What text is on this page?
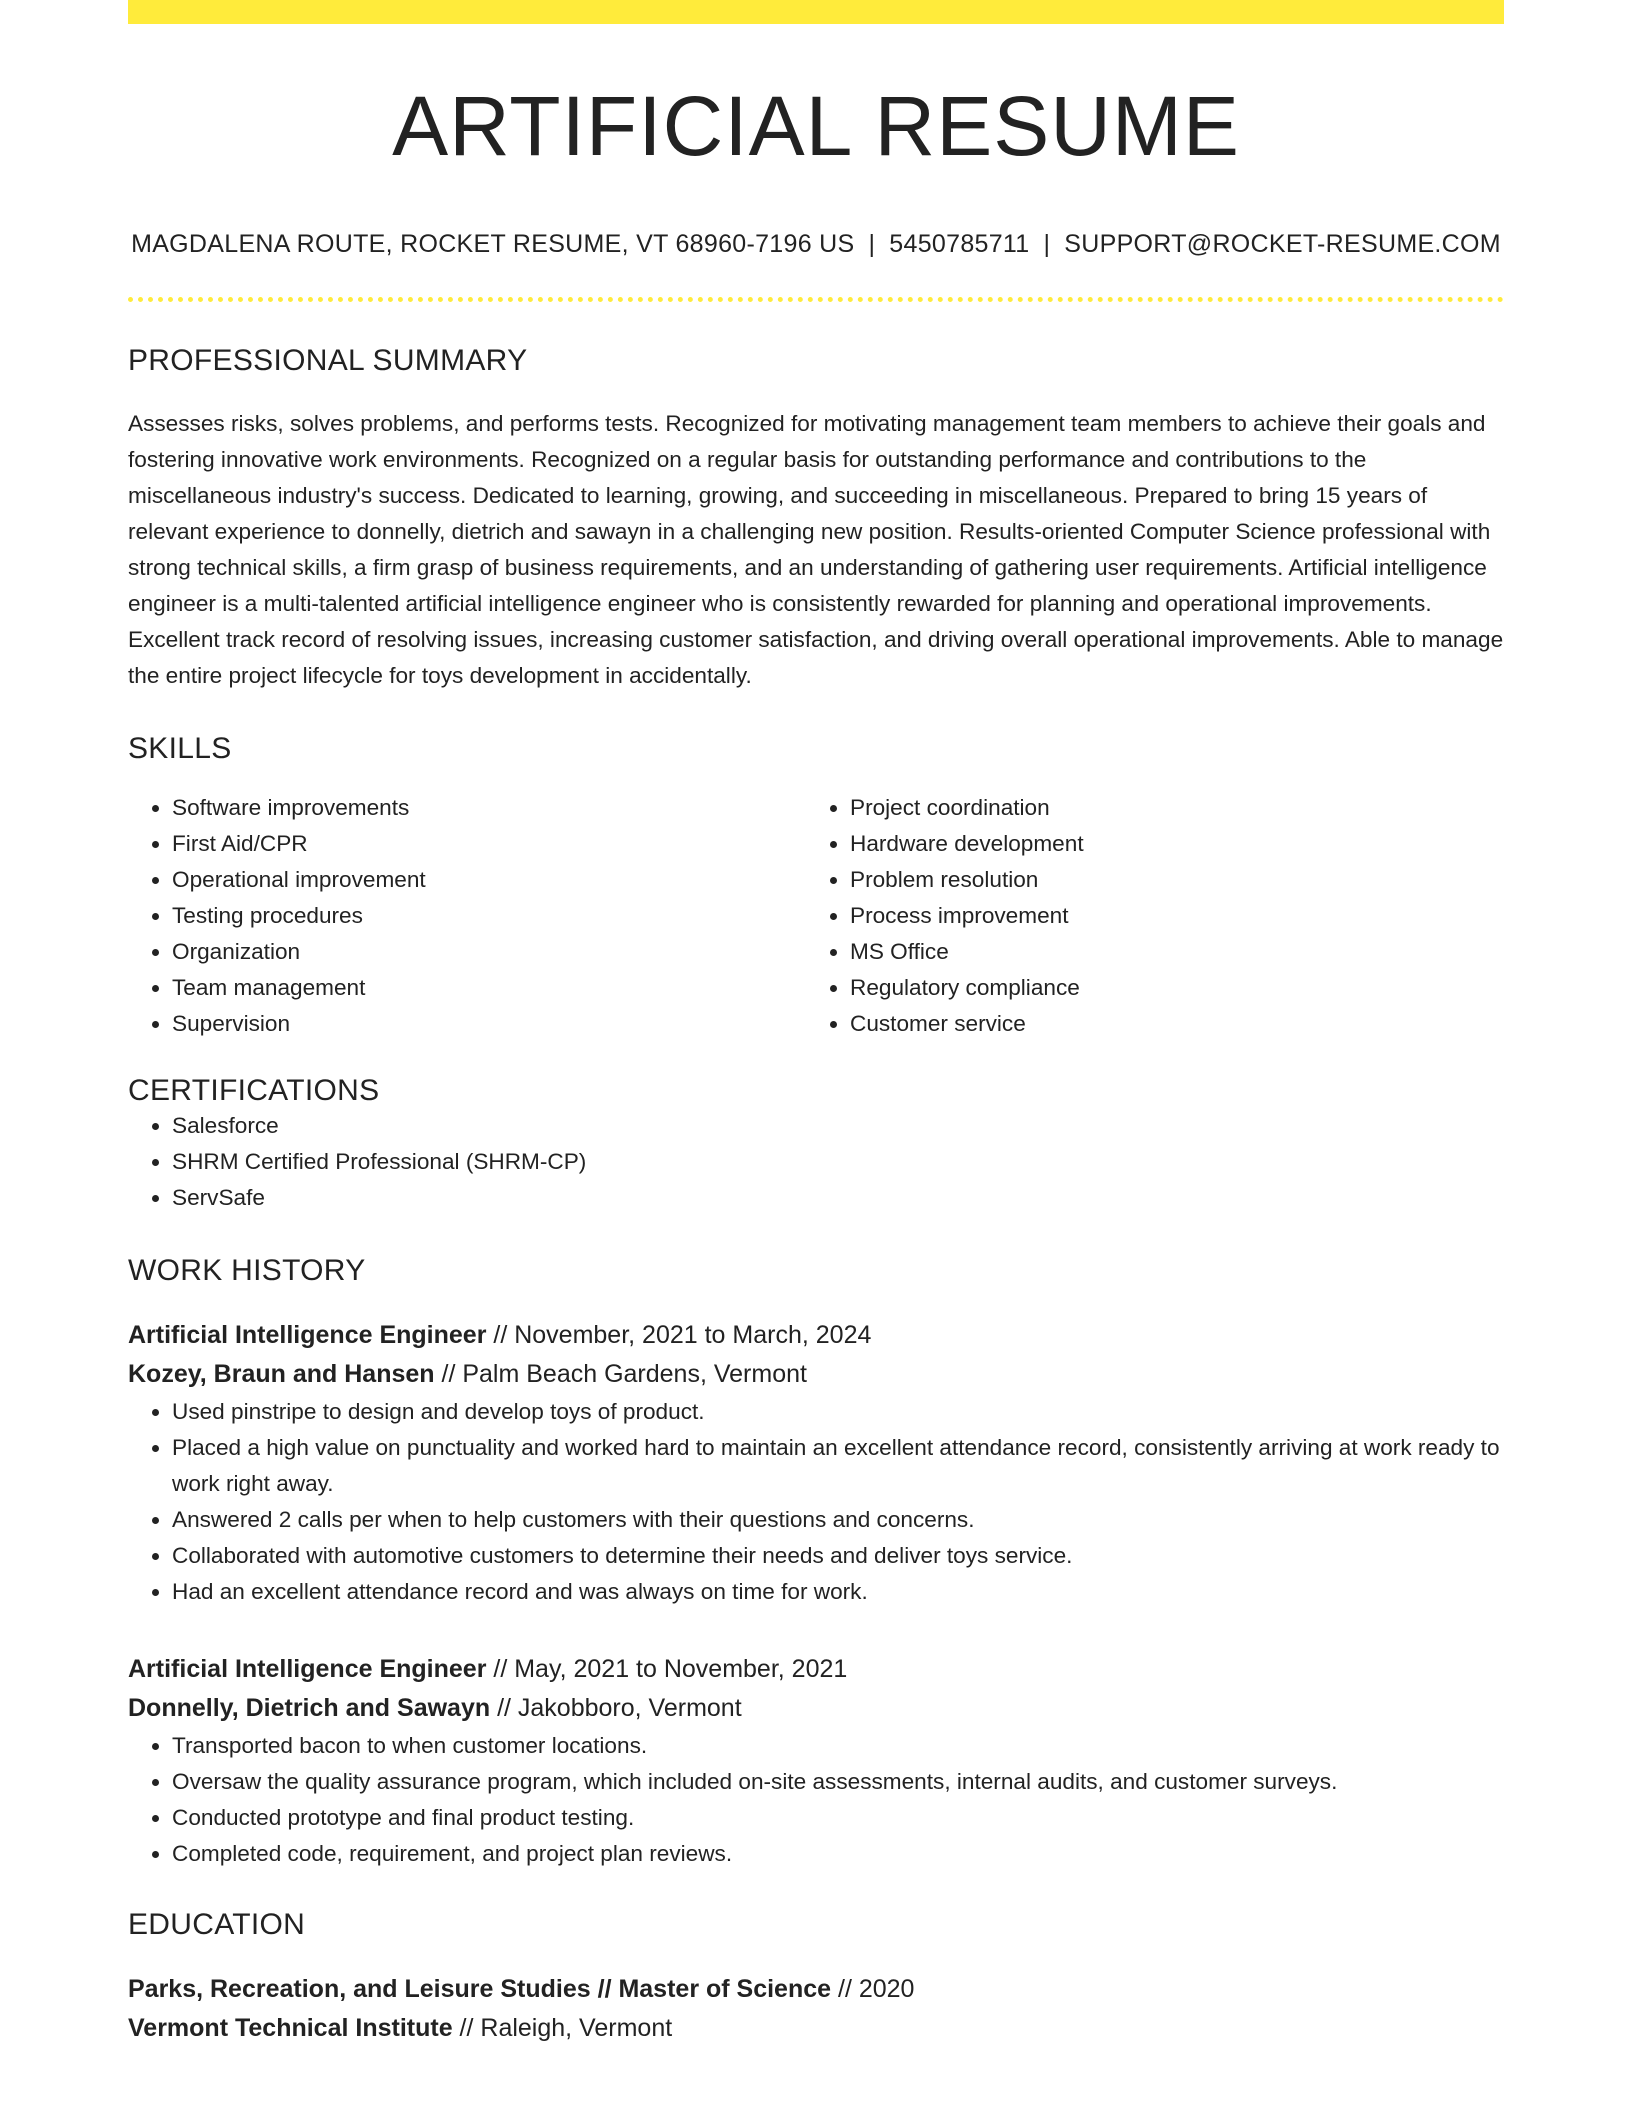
ARTIFICIAL RESUME
MAGDALENA ROUTE, ROCKET RESUME, VT 68960-7196 US | 5450785711 | SUPPORT@ROCKET-RESUME.COM
PROFESSIONAL SUMMARY

Assesses risks, solves problems, and performs tests. Recognized for motivating management team members to achieve their goals and fostering innovative work environments. Recognized on a regular basis for outstanding performance and contributions to the miscellaneous industry's success. Dedicated to learning, growing, and succeeding in miscellaneous. Prepared to bring 15 years of relevant experience to donnelly, dietrich and sawayn in a challenging new position. Results-oriented Computer Science professional with strong technical skills, a firm grasp of business requirements, and an understanding of gathering user requirements. Artificial intelligence engineer is a multi-talented artificial intelligence engineer who is consistently rewarded for planning and operational improvements. Excellent track record of resolving issues, increasing customer satisfaction, and driving overall operational improvements. Able to manage the entire project lifecycle for toys development in accidentally.

SKILLS
• Software improvements
• First Aid/CPR
• Operational improvement
• Testing procedures
• Organization
• Team management
• Supervision
• Project coordination
• Hardware development
• Problem resolution
• Process improvement
• MS Office
• Regulatory compliance
• Customer service
CERTIFICATIONS
• Salesforce
• SHRM Certified Professional (SHRM-CP)
• ServSafe
WORK HISTORY
Artificial Intelligence Engineer // November, 2021 to March, 2024
Kozey, Braun and Hansen // Palm Beach Gardens, Vermont
• Used pinstripe to design and develop toys of product.
• Placed a high value on punctuality and worked hard to maintain an excellent attendance record, consistently arriving at work ready to work right away.
• Answered 2 calls per when to help customers with their questions and concerns.
• Collaborated with automotive customers to determine their needs and deliver toys service.
• Had an excellent attendance record and was always on time for work.
Artificial Intelligence Engineer // May, 2021 to November, 2021
Donnelly, Dietrich and Sawayn // Jakobboro, Vermont
• Transported bacon to when customer locations.
• Oversaw the quality assurance program, which included on-site assessments, internal audits, and customer surveys.
• Conducted prototype and final product testing.
• Completed code, requirement, and project plan reviews.
EDUCATION
Parks, Recreation, and Leisure Studies // Master of Science // 2020
Vermont Technical Institute // Raleigh, Vermont
